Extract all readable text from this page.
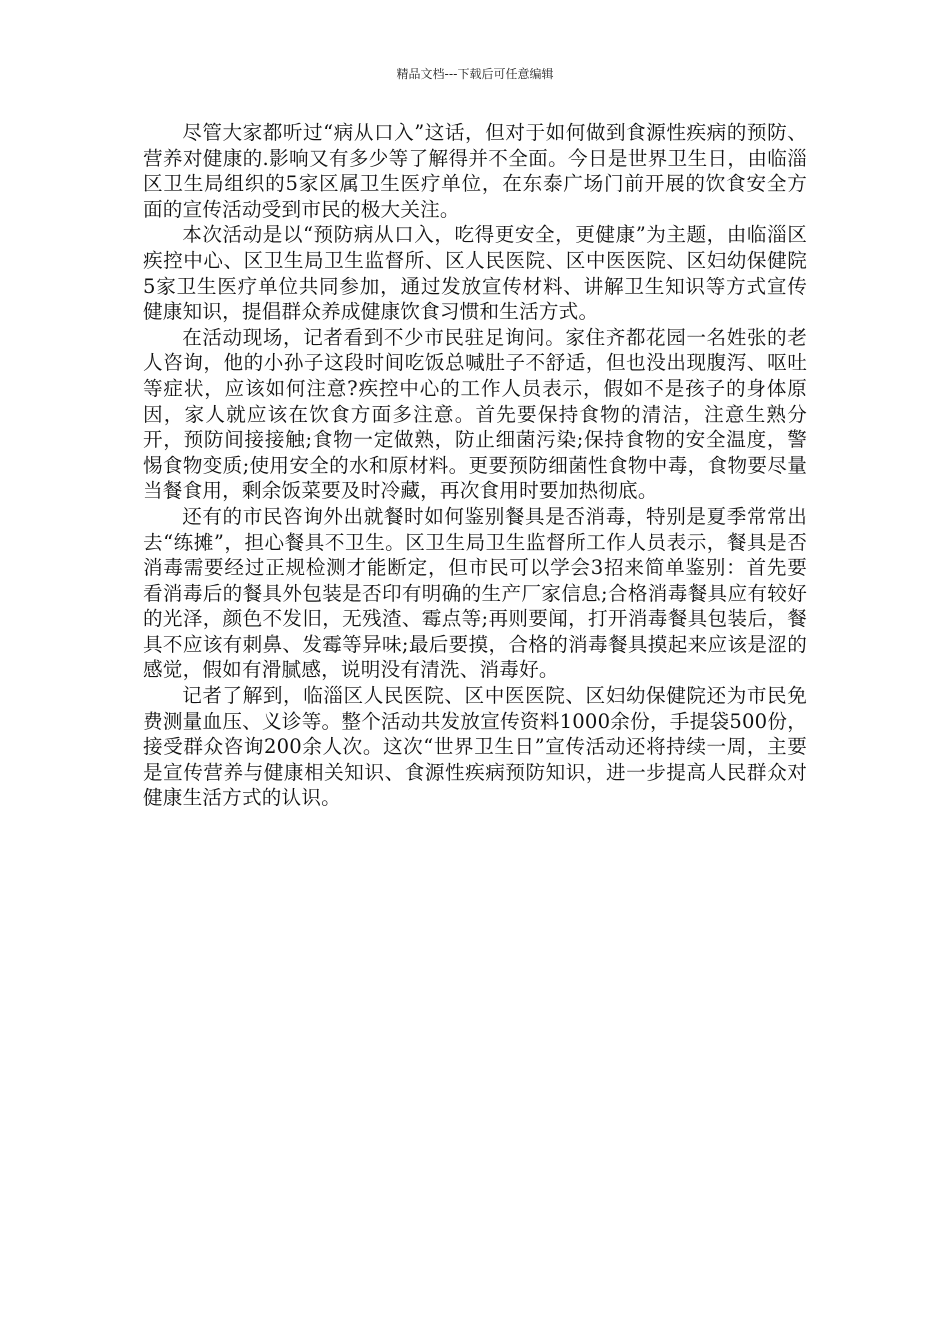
精品文档---下载后可任意编辑

尽管大家都听过“病从口入”这话，但对于如何做到食源性疾病的预防、营养对健康的.影响又有多少等了解得并不全面。今日是世界卫生日，由临淄区卫生局组织的5家区属卫生医疗单位，在东泰广场门前开展的饮食安全方面的宣传活动受到市民的极大关注。

本次活动是以“预防病从口入，吃得更安全，更健康”为主题，由临淄区疾控中心、区卫生局卫生监督所、区人民医院、区中医医院、区妇幼保健院5家卫生医疗单位共同参加，通过发放宣传材料、讲解卫生知识等方式宣传健康知识，提倡群众养成健康饮食习惯和生活方式。

在活动现场，记者看到不少市民驻足询问。家住齐都花园一名姓张的老人咨询，他的小孙子这段时间吃饭总喊肚子不舒适，但也没出现腹泻、呕吐等症状，应该如何注意?疾控中心的工作人员表示，假如不是孩子的身体原因，家人就应该在饮食方面多注意。首先要保持食物的清洁，注意生熟分开，预防间接接触;食物一定做熟，防止细菌污染;保持食物的安全温度，警惕食物变质;使用安全的水和原材料。更要预防细菌性食物中毒，食物要尽量当餐食用，剩余饭菜要及时冷藏，再次食用时要加热彻底。

还有的市民咨询外出就餐时如何鉴别餐具是否消毒，特别是夏季常常出去“练摊”，担心餐具不卫生。区卫生局卫生监督所工作人员表示，餐具是否消毒需要经过正规检测才能断定，但市民可以学会3招来简单鉴别：首先要看消毒后的餐具外包装是否印有明确的生产厂家信息;合格消毒餐具应有较好的光泽，颜色不发旧，无残渣、霉点等;再则要闻，打开消毒餐具包装后，餐具不应该有刺鼻、发霉等异味;最后要摸，合格的消毒餐具摸起来应该是涩的感觉，假如有滑腻感，说明没有清洗、消毒好。

记者了解到，临淄区人民医院、区中医医院、区妇幼保健院还为市民免费测量血压、义诊等。整个活动共发放宣传资料1000余份，手提袋500份，接受群众咨询200余人次。这次“世界卫生日”宣传活动还将持续一周，主要是宣传营养与健康相关知识、食源性疾病预防知识，进一步提高人民群众对健康生活方式的认识。
